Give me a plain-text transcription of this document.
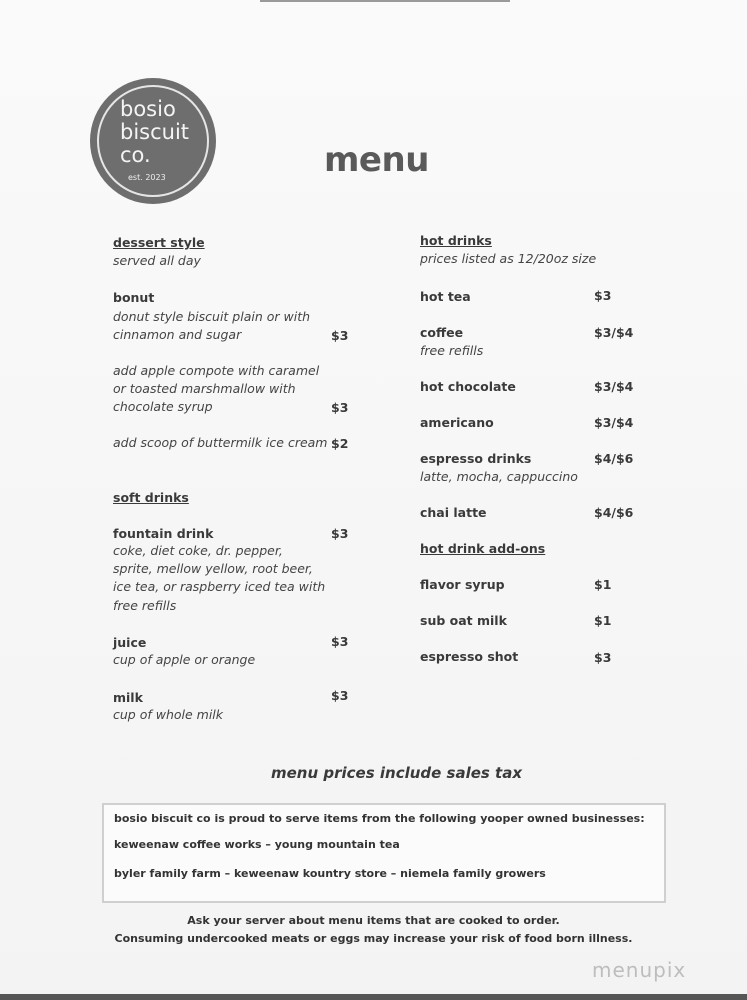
bosio
biscuit
co.
est. 2023	menu
dessert style
served all day
bonut
donut style biscuit plain or with
cinnamon and sugar	$3
add apple compote with caramel
or toasted marshmallow with
chocolate syrup	$3
add scoop of buttermilk ice cream $2
soft drinks
fountain drink	$3
coke, diet coke, dr. pepper,
sprite, mellow yellow, root beer,
ice tea, or raspberry iced tea with
free refills
juice	$3
cup of apple or orange
milk	$3
cup of whole milk
hot drinks
prices listed as 12/20oz size
hot tea	$3
coffee	$3/$4
free refills
hot chocolate	$3/$4
americano	$3/$4
espresso drinks	$4/$6
latte, mocha, cappuccino
chai latte	$4/$6
hot drink add-ons
flavor syrup	$1
sub oat milk	$1
espresso shot	$3
menu prices include sales tax
bosio biscuit co is proud to serve items from the following yooper owned businesses:
keweenaw coffee works – young mountain tea
byler family farm – keweenaw kountry store – niemela family growers
Ask your server about menu items that are cooked to order.
Consuming undercooked meats or eggs may increase your risk of food born illness.
menupix
